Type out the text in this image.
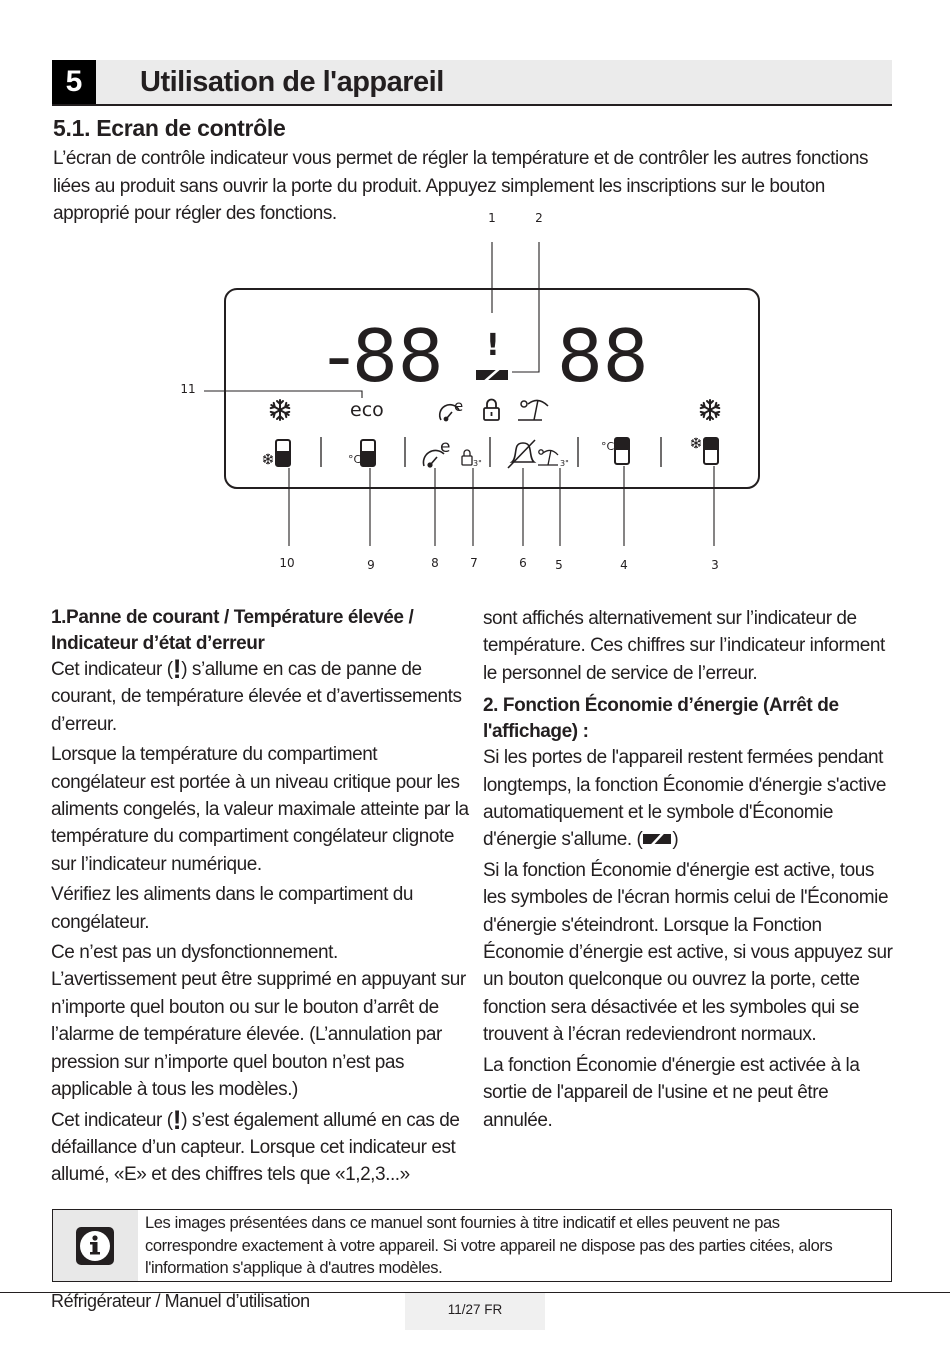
5	Utilisation de l'appareil
5.1. Ecran de contrôle

L’écran de contrôle indicateur vous permet de régler la température et de contrôler les autres fonctions

liées au produit sans ouvrir la porte du produit. Appuyez simplement les inscriptions sur le bouton

approprié pour régler des fonctions.

-88 88
!
eco	e
°C
e
3"	3"
°C
1	2
3
4
5
6
7
8
9
10
11
1.Panne de courant / Température élevée / Indicateur d’état d’erreur

Cet indicateur (!) s’allume en cas de panne de courant, de température élevée et d’avertissements d’erreur.

Lorsque la température du compartiment congélateur est portée à un niveau critique pour les aliments congelés, la valeur maximale atteinte par la température du compartiment congélateur clignote sur l’indicateur numérique.

Vérifiez les aliments dans le compartiment du congélateur.

Ce n’est pas un dysfonctionnement.

L’avertissement peut être supprimé en appuyant sur n’importe quel bouton ou sur le bouton d’arrêt de l’alarme de température élevée. (L’annulation par pression sur n’importe quel bouton n’est pas applicable à tous les modèles.)

Cet indicateur (!) s’est également allumé en cas de défaillance d’un capteur. Lorsque cet indicateur est allumé, «E» et des chiffres tels que «1,2,3...»

sont affichés alternativement sur l’indicateur de température. Ces chiffres sur l’indicateur informent le personnel de service de l’erreur.

2. Fonction Économie d’énergie (Arrêt de l'affichage) :

Si les portes de l'appareil restent fermées pendant longtemps, la fonction Économie d'énergie s'active automatiquement et le symbole d'Économie d'énergie s'allume. ( )

Si la fonction Économie d'énergie est active, tous les symboles de l'écran hormis celui de l'Économie d'énergie s'éteindront. Lorsque la Fonction Économie d’énergie est active, si vous appuyez sur un bouton quelconque ou ouvrez la porte, cette fonction sera désactivée et les symboles qui se trouvent à l’écran redeviendront normaux.

La fonction Économie d'énergie est activée à la sortie de l'appareil de l'usine et ne peut être annulée.

Les images présentées dans ce manuel sont fournies à titre indicatif et elles peuvent ne pas

correspondre exactement à votre appareil. Si votre appareil ne dispose pas des parties citées, alors

l'information s'applique à d'autres modèles.

Réfrigérateur / Manuel d’utilisation	11/27 FR
